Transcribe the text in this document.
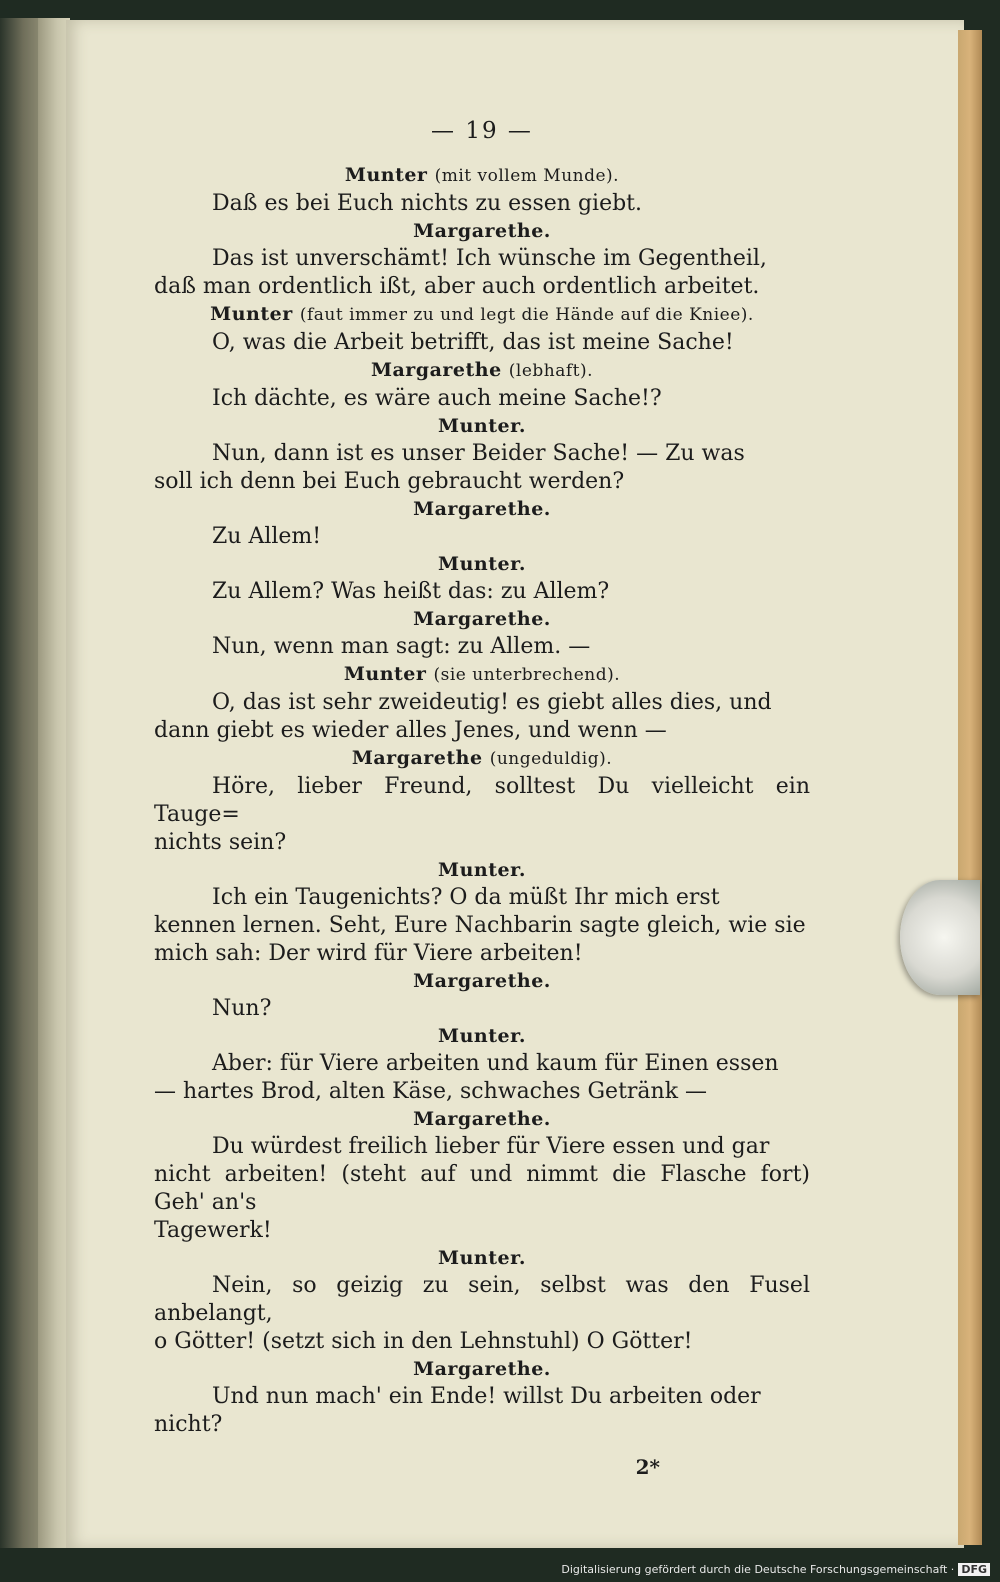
— 19 —
Munter (mit vollem Munde).
Daß es bei Euch nichts zu essen giebt.
Margarethe.
Das ist unverschämt! Ich wünsche im Gegentheil,
daß man ordentlich ißt, aber auch ordentlich arbeitet.
Munter (faut immer zu und legt die Hände auf die Kniee).
O, was die Arbeit betrifft, das ist meine Sache!
Margarethe (lebhaft).
Ich dächte, es wäre auch meine Sache!?
Munter.
Nun, dann ist es unser Beider Sache! — Zu was
soll ich denn bei Euch gebraucht werden?
Margarethe.
Zu Allem!
Munter.
Zu Allem? Was heißt das: zu Allem?
Margarethe.
Nun, wenn man sagt: zu Allem. —
Munter (sie unterbrechend).
O, das ist sehr zweideutig! es giebt alles dies, und
dann giebt es wieder alles Jenes, und wenn —
Margarethe (ungeduldig).
Höre, lieber Freund, solltest Du vielleicht ein Tauge=
nichts sein?
Munter.
Ich ein Taugenichts? O da müßt Ihr mich erst
kennen lernen. Seht, Eure Nachbarin sagte gleich, wie sie
mich sah: Der wird für Viere arbeiten!
Margarethe.
Nun?
Munter.
Aber: für Viere arbeiten und kaum für Einen essen
— hartes Brod, alten Käse, schwaches Getränk —
Margarethe.
Du würdest freilich lieber für Viere essen und gar
nicht arbeiten! (steht auf und nimmt die Flasche fort) Geh' an's
Tagewerk!
Munter.
Nein, so geizig zu sein, selbst was den Fusel anbelangt,
o Götter! (setzt sich in den Lehnstuhl) O Götter!
Margarethe.
Und nun mach' ein Ende! willst Du arbeiten oder
nicht?
2*
Digitalisierung gefördert durch die Deutsche Forschungsgemeinschaft · DFG
